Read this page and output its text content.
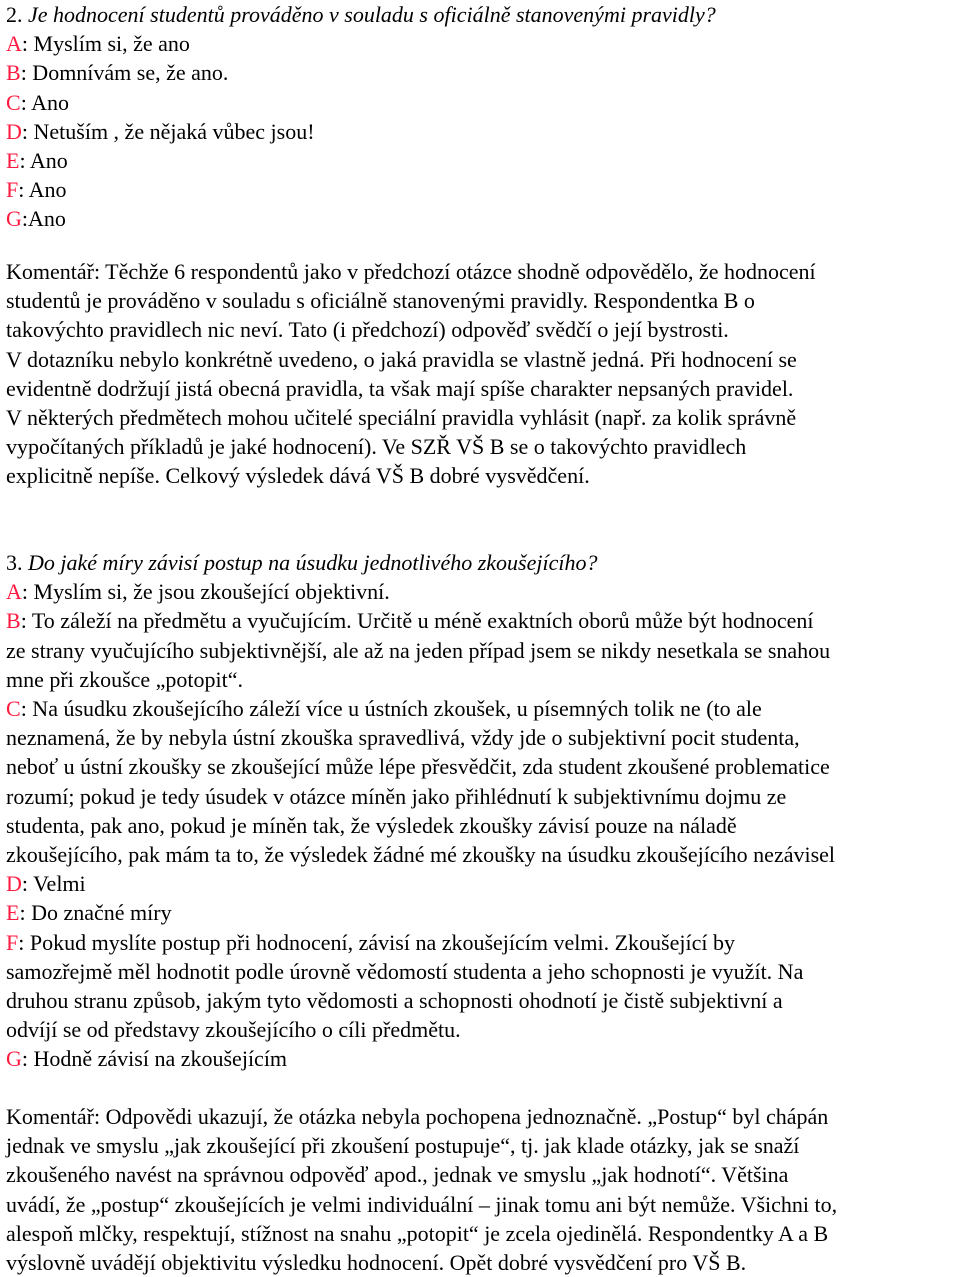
2. Je hodnocení studentů prováděno v souladu s oficiálně stanovenými pravidly?
A: Myslím si, že ano
B: Domnívám se, že ano.
C: Ano
D: Netuším , že nějaká vůbec jsou!
E: Ano
F: Ano
G:Ano
Komentář: Těchže 6 respondentů jako v předchozí otázce shodně odpovědělo, že hodnocení
studentů je prováděno v souladu s oficiálně stanovenými pravidly. Respondentka B o
takovýchto pravidlech nic neví. Tato (i předchozí) odpověď svědčí o její bystrosti.
V dotazníku nebylo konkrétně uvedeno, o jaká pravidla se vlastně jedná. Při hodnocení se
evidentně dodržují jistá obecná pravidla, ta však mají spíše charakter nepsaných pravidel.
V některých předmětech mohou učitelé speciální pravidla vyhlásit (např. za kolik správně
vypočítaných příkladů je jaké hodnocení). Ve SZŘ VŠ B se o takovýchto pravidlech
explicitně nepíše. Celkový výsledek dává VŠ B dobré vysvědčení.
3. Do jaké míry závisí postup na úsudku jednotlivého zkoušejícího?
A: Myslím si, že jsou zkoušející objektivní.
B: To záleží na předmětu a vyučujícím. Určitě u méně exaktních oborů může být hodnocení
ze strany vyučujícího subjektivnější, ale až na jeden případ jsem se nikdy nesetkala se snahou
mne při zkoušce „potopit“.
C: Na úsudku zkoušejícího záleží více u ústních zkoušek, u písemných tolik ne (to ale
neznamená, že by nebyla ústní zkouška spravedlivá, vždy jde o subjektivní pocit studenta,
neboť u ústní zkoušky se zkoušející může lépe přesvědčit, zda student zkoušené problematice
rozumí; pokud je tedy úsudek v otázce míněn jako přihlédnutí k subjektivnímu dojmu ze
studenta, pak ano, pokud je míněn tak, že výsledek zkoušky závisí pouze na náladě
zkoušejícího, pak mám ta to, že výsledek žádné mé zkoušky na úsudku zkoušejícího nezávisel
D: Velmi
E: Do značné míry
F: Pokud myslíte postup při hodnocení, závisí na zkoušejícím velmi. Zkoušející by
samozřejmě měl hodnotit podle úrovně vědomostí studenta a jeho schopnosti je využít. Na
druhou stranu způsob, jakým tyto vědomosti a schopnosti ohodnotí je čistě subjektivní a
odvíjí se od představy zkoušejícího o cíli předmětu.
G: Hodně závisí na zkoušejícím
Komentář: Odpovědi ukazují, že otázka nebyla pochopena jednoznačně. „Postup“ byl chápán
jednak ve smyslu „jak zkoušející při zkoušení postupuje“, tj. jak klade otázky, jak se snaží
zkoušeného navést na správnou odpověď apod., jednak ve smyslu „jak hodnotí“. Většina
uvádí, že „postup“ zkoušejících je velmi individuální – jinak tomu ani být nemůže. Všichni to,
alespoň mlčky, respektují, stížnost na snahu „potopit“ je zcela ojedinělá. Respondentky A a B
výslovně uvádějí objektivitu výsledku hodnocení. Opět dobré vysvědčení pro VŠ B.
